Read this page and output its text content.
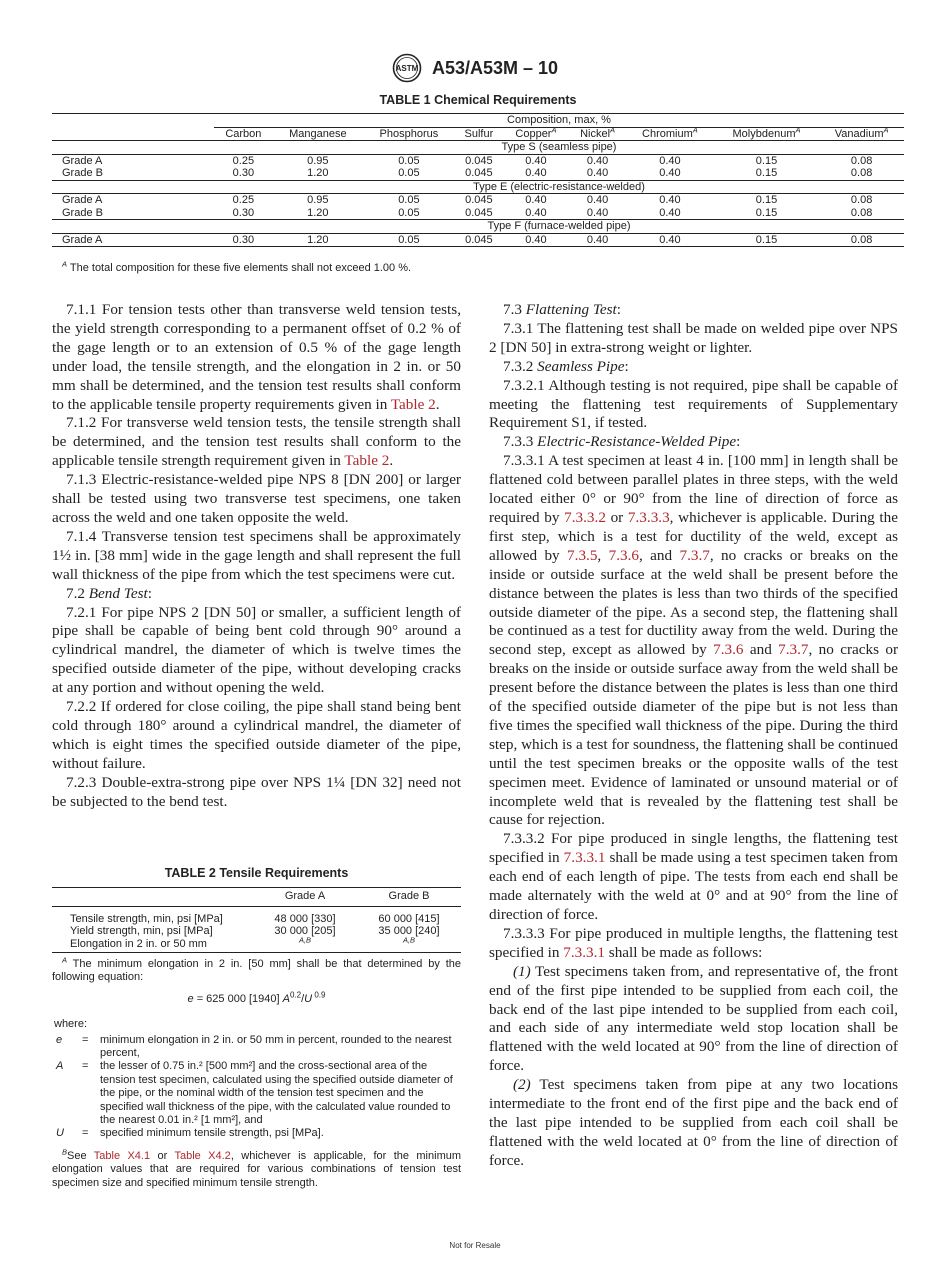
ASTM A53/A53M – 10
TABLE 1 Chemical Requirements
	Composition, max, %								
	Carbon	Manganese	Phosphorus	Sulfur	Copper$^A$	Nickel$^A$	Chromium$^A$	Molybdenum$^A$	Vanadium$^A$
	Type S (seamless pipe)								
Grade A	0.25	0.95	0.05	0.045	0.40	0.40	0.40	0.15	0.08
Grade B	0.30	1.20	0.05	0.045	0.40	0.40	0.40	0.15	0.08
	Type E (electric-resistance-welded)								
Grade A	0.25	0.95	0.05	0.045	0.40	0.40	0.40	0.15	0.08
Grade B	0.30	1.20	0.05	0.045	0.40	0.40	0.40	0.15	0.08
	Type F (furnace-welded pipe)								
Grade A	0.30	1.20	0.05	0.045	0.40	0.40	0.40	0.15	0.08
$^A$ The total composition for these five elements shall not exceed 1.00 %.

7.1.1 For tension tests other than transverse weld tension tests, the yield strength corresponding to a permanent offset of 0.2 % of the gage length or to an extension of 0.5 % of the gage length under load, the tensile strength, and the elongation in 2 in. or 50 mm shall be determined, and the tension test results shall conform to the applicable tensile property requirements given in Table 2.

7.1.2 For transverse weld tension tests, the tensile strength shall be determined, and the tension test results shall conform to the applicable tensile strength requirement given in Table 2.

7.1.3 Electric-resistance-welded pipe NPS 8 [DN 200] or larger shall be tested using two transverse test specimens, one taken across the weld and one taken opposite the weld.

7.1.4 Transverse tension test specimens shall be approximately 1½ in. [38 mm] wide in the gage length and shall represent the full wall thickness of the pipe from which the test specimens were cut.

7.2 Bend Test:

7.2.1 For pipe NPS 2 [DN 50] or smaller, a sufficient length of pipe shall be capable of being bent cold through 90° around a cylindrical mandrel, the diameter of which is twelve times the specified outside diameter of the pipe, without developing cracks at any portion and without opening the weld.

7.2.2 If ordered for close coiling, the pipe shall stand being bent cold through 180° around a cylindrical mandrel, the diameter of which is eight times the specified outside diameter of the pipe, without failure.

7.2.3 Double-extra-strong pipe over NPS 1¼ [DN 32] need not be subjected to the bend test.

TABLE 2 Tensile Requirements
	Grade A	Grade B
Tensile strength, min, psi [MPa]	48 000 [330]	60 000 [415]
Yield strength, min, psi [MPa]	30 000 [205]	35 000 [240]
Elongation in 2 in. or 50 mm	$^{A,B}$	$^{A,B}$

$^A$ The minimum elongation in 2 in. [50 mm] shall be that determined by the following equation:

e = 625 000 [1940] $A^{0.2}/U$ $^{0.9}$

where:

e	=	minimum elongation in 2 in. or 50 mm in percent, rounded to the nearest percent,
A	=	the lesser of 0.75 in.² [500 mm²] and the cross-sectional area of the tension test specimen, calculated using the specified outside diameter of the pipe, or the nominal width of the tension test specimen and the specified wall thickness of the pipe, with the calculated value rounded to the nearest 0.01 in.² [1 mm²], and
U	=	specified minimum tensile strength, psi [MPa].

$^B$See Table X4.1 or Table X4.2, whichever is applicable, for the minimum elongation values that are required for various combinations of tension test specimen size and specified minimum tensile strength.

7.3 Flattening Test:

7.3.1 The flattening test shall be made on welded pipe over NPS 2 [DN 50] in extra-strong weight or lighter.

7.3.2 Seamless Pipe:

7.3.2.1 Although testing is not required, pipe shall be capable of meeting the flattening test requirements of Supplementary Requirement S1, if tested.

7.3.3 Electric-Resistance-Welded Pipe:

7.3.3.1 A test specimen at least 4 in. [100 mm] in length shall be flattened cold between parallel plates in three steps, with the weld located either 0° or 90° from the line of direction of force as required by 7.3.3.2 or 7.3.3.3, whichever is applicable. During the first step, which is a test for ductility of the weld, except as allowed by 7.3.5, 7.3.6, and 7.3.7, no cracks or breaks on the inside or outside surface at the weld shall be present before the distance between the plates is less than two thirds of the specified outside diameter of the pipe. As a second step, the flattening shall be continued as a test for ductility away from the weld. During the second step, except as allowed by 7.3.6 and 7.3.7, no cracks or breaks on the inside or outside surface away from the weld shall be present before the distance between the plates is less than one third of the specified outside diameter of the pipe but is not less than five times the specified wall thickness of the pipe. During the third step, which is a test for soundness, the flattening shall be continued until the test specimen breaks or the opposite walls of the test specimen meet. Evidence of laminated or unsound material or of incomplete weld that is revealed by the flattening test shall be cause for rejection.

7.3.3.2 For pipe produced in single lengths, the flattening test specified in 7.3.3.1 shall be made using a test specimen taken from each end of each length of pipe. The tests from each end shall be made alternately with the weld at 0° and at 90° from the line of direction of force.

7.3.3.3 For pipe produced in multiple lengths, the flattening test specified in 7.3.3.1 shall be made as follows:

(1) Test specimens taken from, and representative of, the front end of the first pipe intended to be supplied from each coil, the back end of the last pipe intended to be supplied from each coil, and each side of any intermediate weld stop location shall be flattened with the weld located at 90° from the line of direction of force.

(2) Test specimens taken from pipe at any two locations intermediate to the front end of the first pipe and the back end of the last pipe intended to be supplied from each coil shall be flattened with the weld located at 0° from the line of direction of force.

Not for Resale
